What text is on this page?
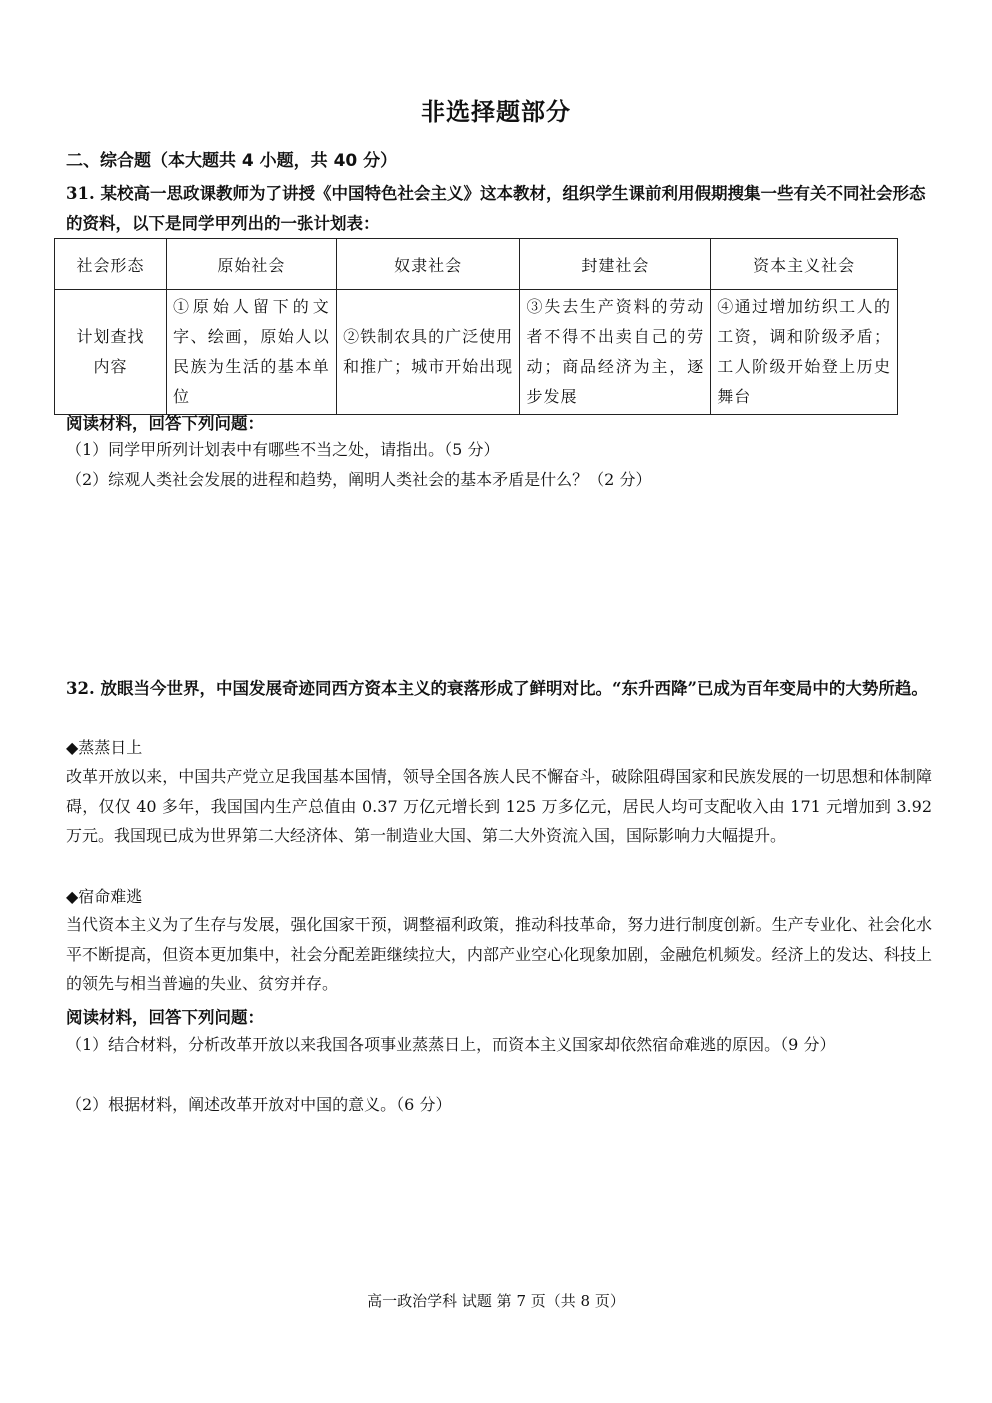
非选择题部分
二、综合题（本大题共 4 小题，共 40 分）
31. 某校高一思政课教师为了讲授《中国特色社会主义》这本教材，组织学生课前利用假期搜集一些有关不同社会形态的资料，以下是同学甲列出的一张计划表：
社会形态	原始社会	奴隶社会	封建社会	资本主义社会

计划查找内容	①原始人留下的文字、绘画，原始人以民族为生活的基本单位	②铁制农具的广泛使用和推广；城市开始出现	③失去生产资料的劳动者不得不出卖自己的劳动；商品经济为主，逐步发展	④通过增加纺织工人的工资，调和阶级矛盾；工人阶级开始登上历史舞台
阅读材料，回答下列问题：
（1）同学甲所列计划表中有哪些不当之处，请指出。（5 分）
（2）综观人类社会发展的进程和趋势，阐明人类社会的基本矛盾是什么？（2 分）
32. 放眼当今世界，中国发展奇迹同西方资本主义的衰落形成了鲜明对比。“东升西降”已成为百年变局中的大势所趋。
◆蒸蒸日上
改革开放以来，中国共产党立足我国基本国情，领导全国各族人民不懈奋斗，破除阻碍国家和民族发展的一切思想和体制障碍，仅仅 40 多年，我国国内生产总值由 0.37 万亿元增长到 125 万多亿元，居民人均可支配收入由 171 元增加到 3.92 万元。我国现已成为世界第二大经济体、第一制造业大国、第二大外资流入国，国际影响力大幅提升。
◆宿命难逃
当代资本主义为了生存与发展，强化国家干预，调整福利政策，推动科技革命，努力进行制度创新。生产专业化、社会化水平不断提高，但资本更加集中，社会分配差距继续拉大，内部产业空心化现象加剧，金融危机频发。经济上的发达、科技上的领先与相当普遍的失业、贫穷并存。
阅读材料，回答下列问题：
（1）结合材料，分析改革开放以来我国各项事业蒸蒸日上，而资本主义国家却依然宿命难逃的原因。（9 分）
（2）根据材料，阐述改革开放对中国的意义。（6 分）
高一政治学科 试题 第 7 页（共 8 页）
